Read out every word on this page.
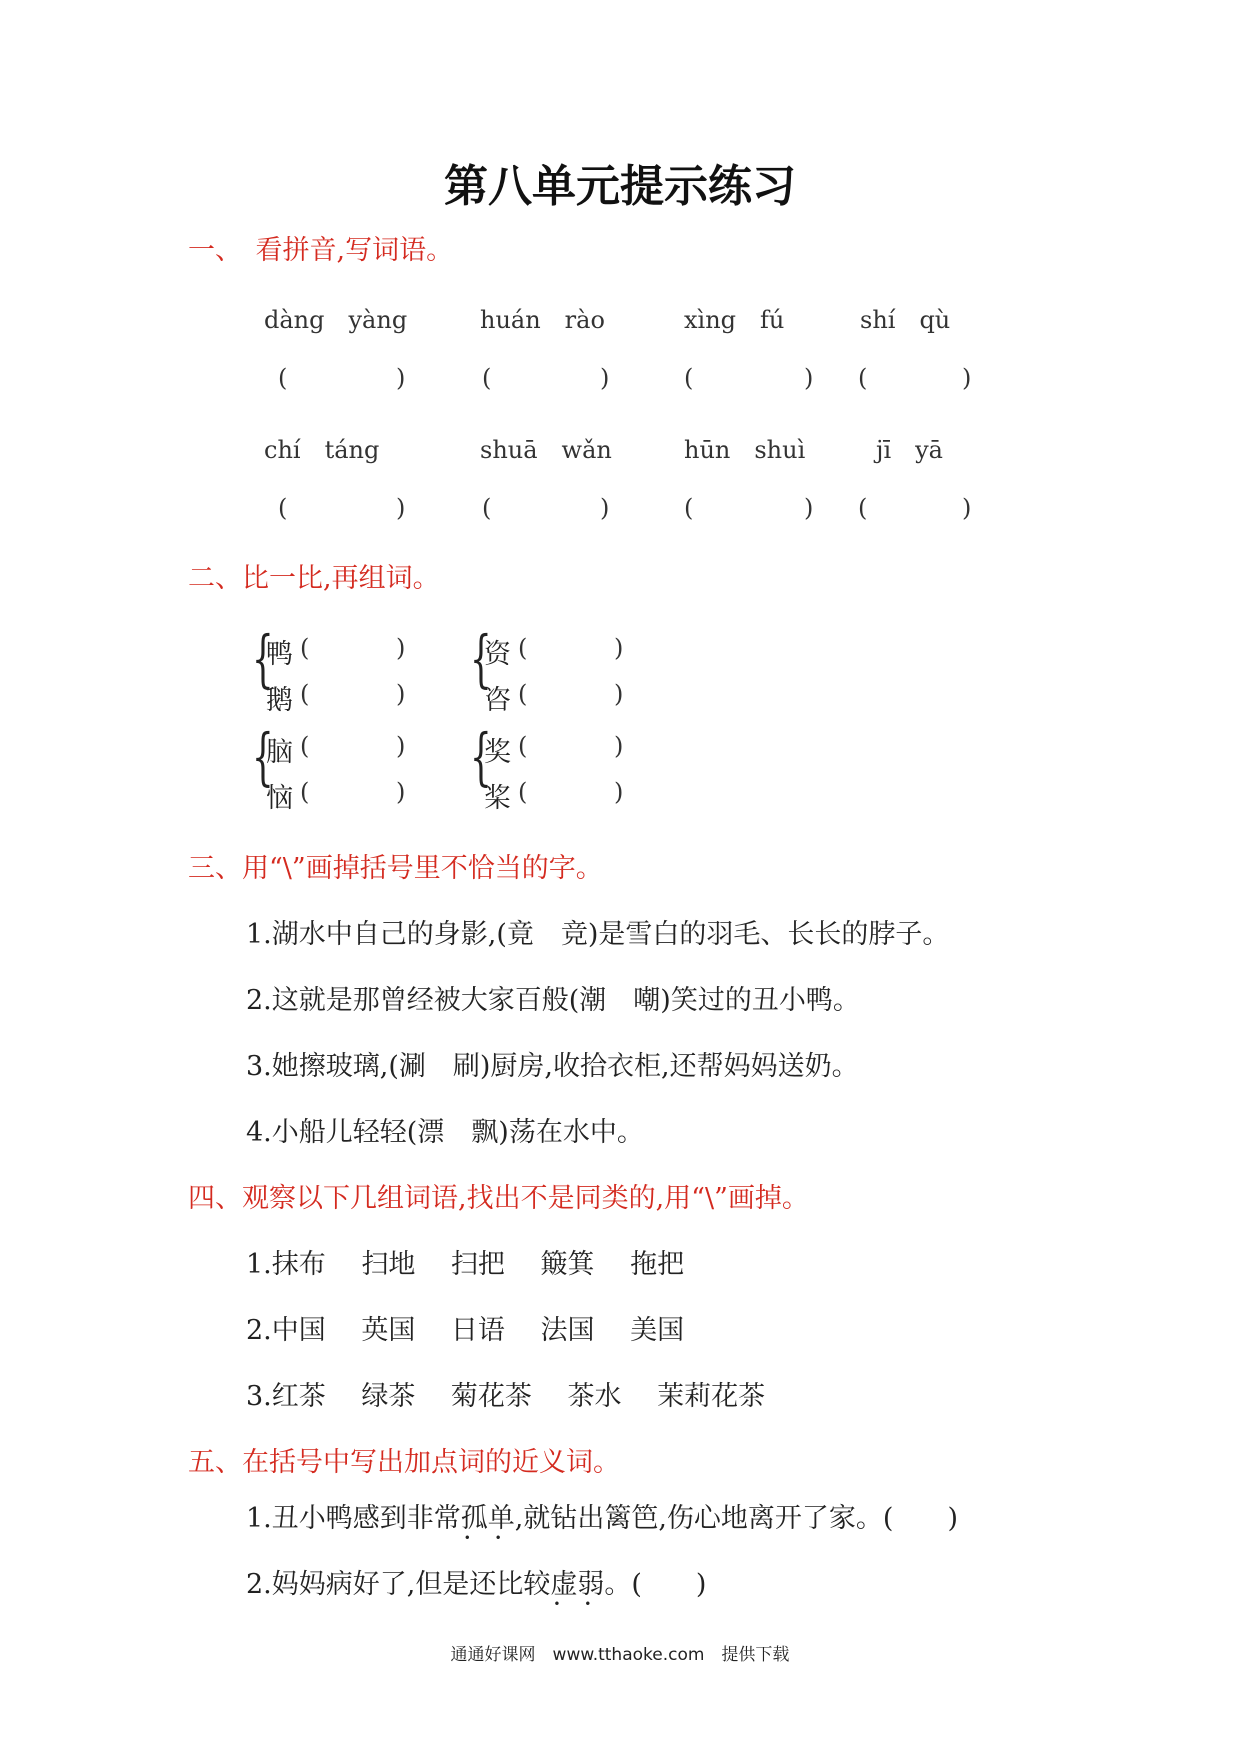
第八单元提示练习
一、　看拼音,写词语。
dàng　yàng	huán　rào	xìng　fú	shí　qù
(	)	(	)	(	) (	)
chí　táng	shuā　wǎn	hūn　shuì	jī　yā
(	)	(	)	(	) (	)
二、比一比,再组词。
{
鸭 (	)
鹅 (	) {
资 (	)
咨 (	)
{
脑 (	)
恼 (	) {
奖 (	)
桨 (	)
三、用“\”画掉括号里不恰当的字。
1.湖水中自己的身影,(竟　竞)是雪白的羽毛、长长的脖子。
2.这就是那曾经被大家百般(潮　嘲)笑过的丑小鸭。
3.她擦玻璃,(涮　刷)厨房,收拾衣柜,还帮妈妈送奶。
4.小船儿轻轻(漂　飘)荡在水中。
四、观察以下几组词语,找出不是同类的,用“\”画掉。
1.抹布　 扫地　 扫把　 簸箕　 拖把
2.中国　 英国　 日语　 法国　 美国
3.红茶　 绿茶　 菊花茶　 茶水　 茉莉花茶
五、在括号中写出加点词的近义词。
1.丑小鸭感到非常孤单
• •
,就钻出篱笆,伤心地离开了家。(　　)
2.妈妈病好了,但是还比较虚弱
• •
。(　　)
通通好课网　www.tthaoke.com　提供下载
